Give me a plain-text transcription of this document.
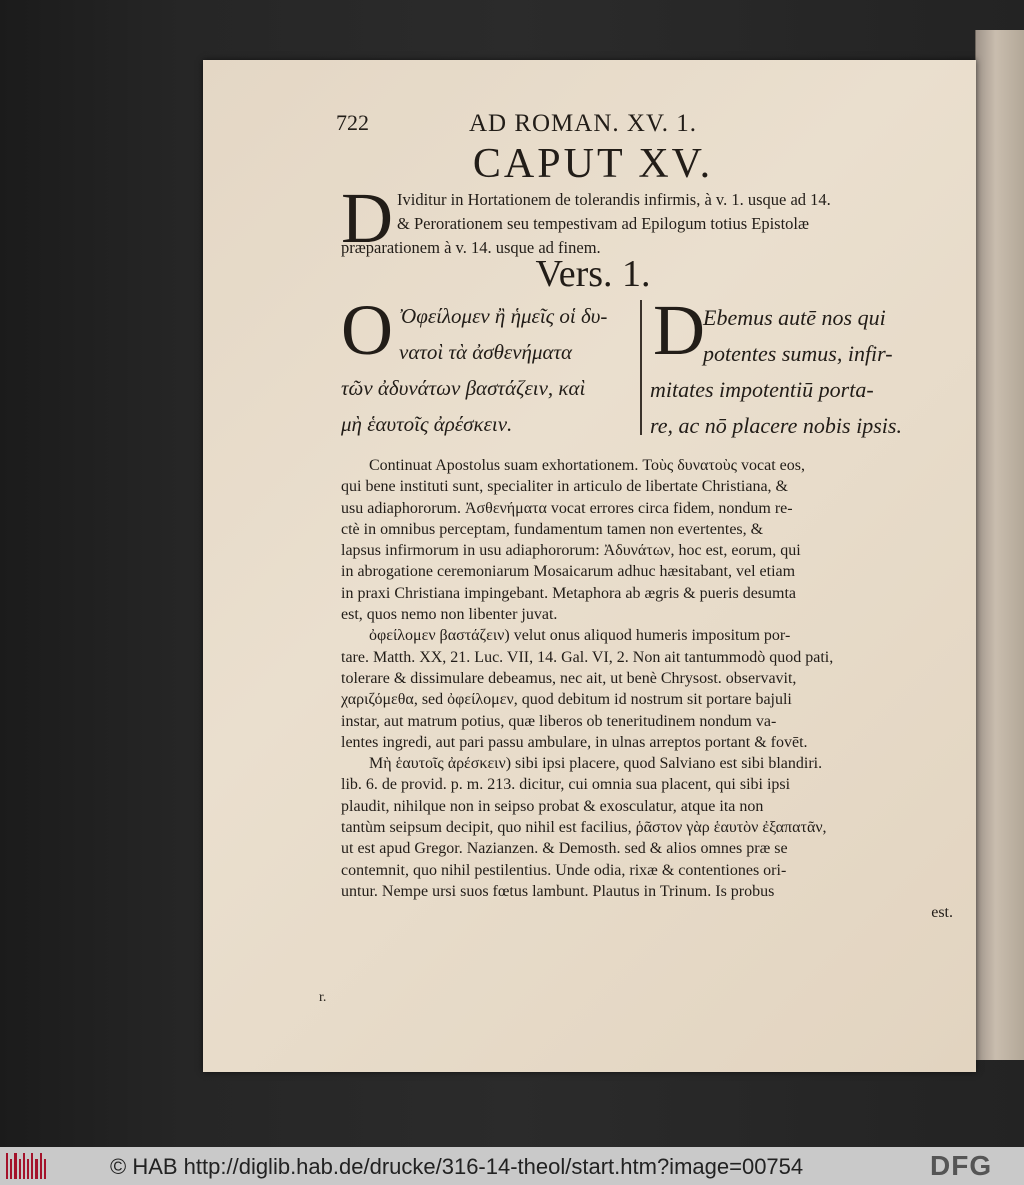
722	AD ROMAN. XV. 1.
CAPUT XV.
D Ividitur in Hortationem de tolerandis infirmis, à v. 1. usque ad 14.
& Perorationem seu tempestivam ad Epilogum totius Epistolæ
præparationem à v. 14. usque ad finem.
Vers. 1.
O Ὀφείλομεν ἢ ἡμεῖς οἱ δυ-
νατοὶ τὰ ἀσθενήματα
τῶν ἀδυνάτων βαστάζειν, καὶ
μὴ ἑαυτοῖς ἀρέσκειν.
D
Ebemus autē nos qui
potentes sumus, infir-
mitates impotentiū porta-
re, ac nō placere nobis ipsis.
Continuat Apostolus suam exhortationem. Τοὺς δυνατοὺς vocat eos,
qui bene instituti sunt, specialiter in articulo de libertate Christiana, &
usu adiaphororum. Ἀσθενήματα vocat errores circa fidem, nondum re-
ctè in omnibus perceptam, fundamentum tamen non evertentes, &
lapsus infirmorum in usu adiaphororum: Ἀδυνάτων, hoc est, eorum, qui
in abrogatione ceremoniarum Mosaicarum adhuc hæsitabant, vel etiam
in praxi Christiana impingebant. Metaphora ab ægris & pueris desumta
est, quos nemo non libenter juvat.
ὀφείλομεν βαστάζειν) velut onus aliquod humeris impositum por-
tare. Matth. XX, 21. Luc. VII, 14. Gal. VI, 2. Non ait tantummodò quod pati,
tolerare & dissimulare debeamus, nec ait, ut benè Chrysost. observavit,
χαριζόμεθα, sed ὀφείλομεν, quod debitum id nostrum sit portare bajuli
instar, aut matrum potius, quæ liberos ob teneritudinem nondum va-
lentes ingredi, aut pari passu ambulare, in ulnas arreptos portant & fovēt.
Μὴ ἑαυτοῖς ἀρέσκειν) sibi ipsi placere, quod Salviano est sibi blandiri.
lib. 6. de provid. p. m. 213. dicitur, cui omnia sua placent, qui sibi ipsi
plaudit, nihilque non in seipso probat & exosculatur, atque ita non
tantùm seipsum decipit, quo nihil est facilius, ῥᾶστον γὰρ ἑαυτὸν ἐξαπατᾶν,
ut est apud Gregor. Nazianzen. & Demosth. sed & alios omnes præ se
contemnit, quo nihil pestilentius. Unde odia, rixæ & contentiones ori-
untur. Nempe ursi suos fœtus lambunt. Plautus in Trinum. Is probus
est.
r.
© HAB http://diglib.hab.de/drucke/316-14-theol/start.htm?image=00754	DFG
